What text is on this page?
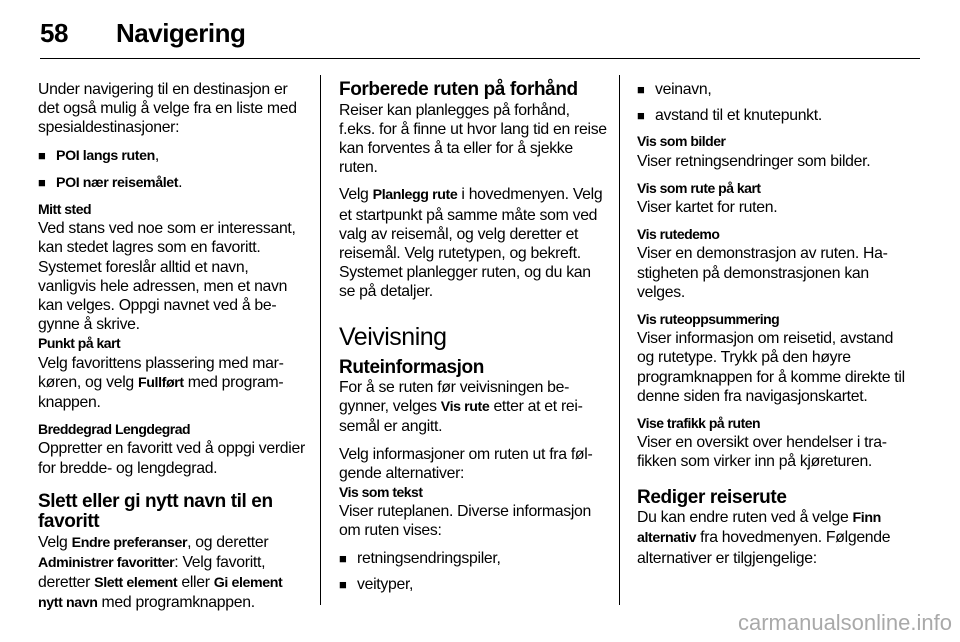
58 Navigering

Under navigering til en destinasjon er det også mulig å velge fra en liste med spesialdestinasjoner:

■ POI langs ruten,
■ POI nær reisemålet.

Mitt sted
Ved stans ved noe som er interessant, kan stedet lagres som en favoritt. Systemet foreslår alltid et navn, vanligvis hele adressen, men et navn kan velges. Oppgi navnet ved å begynne å skrive.

Punkt på kart
Velg favorittens plassering med markøren, og velg Fullført med programknappen.

Breddegrad Lengdegrad
Oppretter en favoritt ved å oppgi verdier for bredde- og lengdegrad.

Slett eller gi nytt navn til en favoritt

Velg Endre preferanser, og deretter Administrer favoritter: Velg favoritt, deretter Slett element eller Gi element nytt navn med programknappen.

Forberede ruten på forhånd

Reiser kan planlegges på forhånd, f.eks. for å finne ut hvor lang tid en reise kan forventes å ta eller for å sjekke ruten.

Velg Planlegg rute i hovedmenyen. Velg et startpunkt på samme måte som ved valg av reisemål, og velg deretter et reisemål. Velg rutetypen, og bekreft. Systemet planlegger ruten, og du kan se på detaljer.

Veivisning
Ruteinformasjon

For å se ruten før veivisningen begynner, velges Vis rute etter at et reisemål er angitt.

Velg informasjoner om ruten ut fra følgende alternativer:

Vis som tekst
Viser ruteplanen. Diverse informasjon om ruten vises:

■ retningsendringspiler,
■ veityper,
■ veinavn,
■ avstand til et knutepunkt.

Vis som bilder
Viser retningsendringer som bilder.

Vis som rute på kart
Viser kartet for ruten.

Vis rutedemo
Viser en demonstrasjon av ruten. Hastigheten på demonstrasjonen kan velges.

Vis ruteoppsummering
Viser informasjon om reisetid, avstand og rutetype. Trykk på den høyre programknappen for å komme direkte til denne siden fra navigasjonskartet.

Vise trafikk på ruten
Viser en oversikt over hendelser i trafikken som virker inn på kjøreturen.

Rediger reiserute

Du kan endre ruten ved å velge Finn alternativ fra hovedmenyen. Følgende alternativer er tilgjengelige:

carmanualsonline.info
